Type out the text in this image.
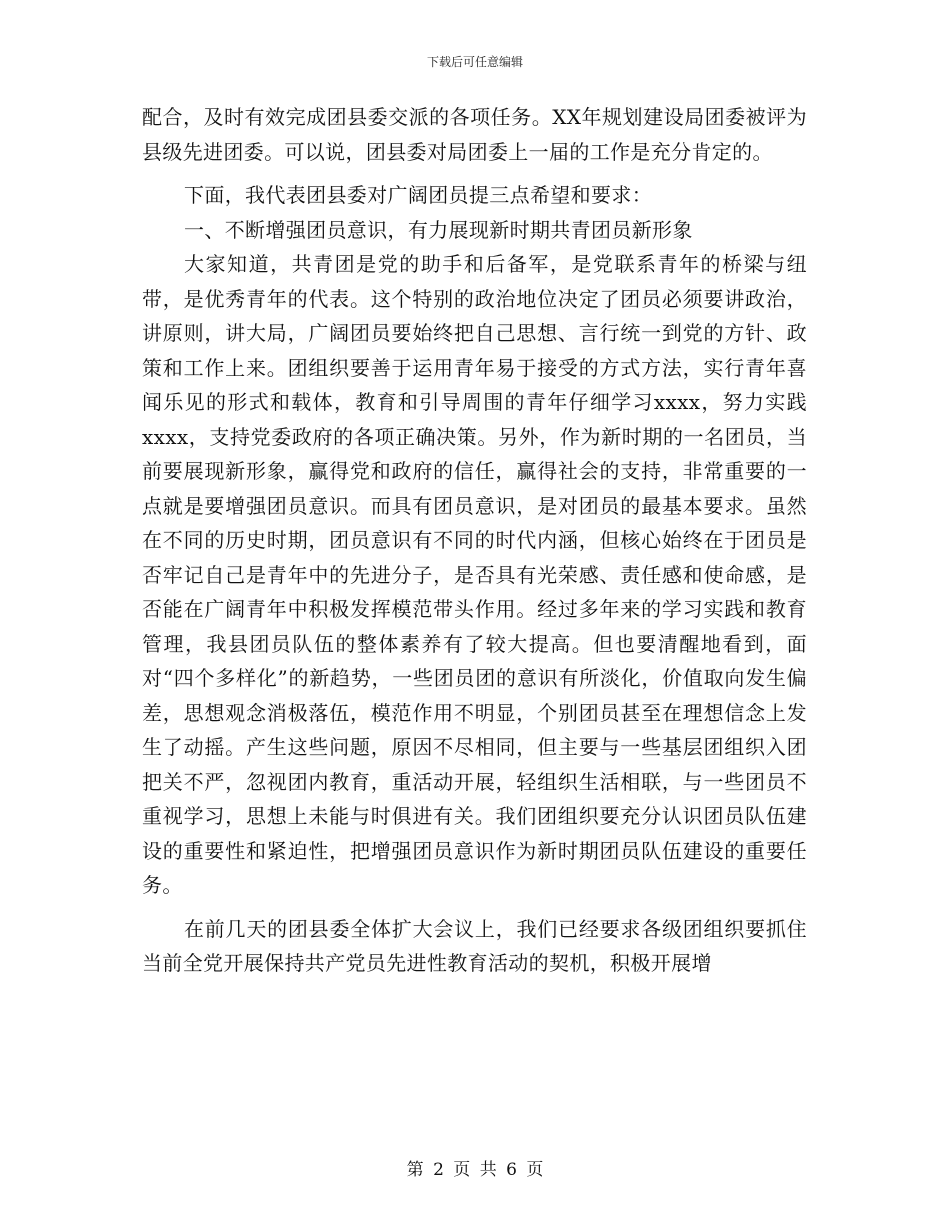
下载后可任意编辑

配合，及时有效完成团县委交派的各项任务。XX年规划建设局团委被评为县级先进团委。可以说，团县委对局团委上一届的工作是充分肯定的。

下面，我代表团县委对广阔团员提三点希望和要求：

一、不断增强团员意识，有力展现新时期共青团员新形象

大家知道，共青团是党的助手和后备军，是党联系青年的桥梁与纽带，是优秀青年的代表。这个特别的政治地位决定了团员必须要讲政治，讲原则，讲大局，广阔团员要始终把自己思想、言行统一到党的方针、政策和工作上来。团组织要善于运用青年易于接受的方式方法，实行青年喜闻乐见的形式和载体，教育和引导周围的青年仔细学习xxxx，努力实践xxxx，支持党委政府的各项正确决策。另外，作为新时期的一名团员，当前要展现新形象，赢得党和政府的信任，赢得社会的支持，非常重要的一点就是要增强团员意识。而具有团员意识，是对团员的最基本要求。虽然在不同的历史时期，团员意识有不同的时代内涵，但核心始终在于团员是否牢记自己是青年中的先进分子，是否具有光荣感、责任感和使命感，是否能在广阔青年中积极发挥模范带头作用。经过多年来的学习实践和教育管理，我县团员队伍的整体素养有了较大提高。但也要清醒地看到，面对“四个多样化”的新趋势，一些团员团的意识有所淡化，价值取向发生偏差，思想观念消极落伍，模范作用不明显，个别团员甚至在理想信念上发生了动摇。产生这些问题，原因不尽相同，但主要与一些基层团组织入团把关不严，忽视团内教育，重活动开展，轻组织生活相联，与一些团员不重视学习，思想上未能与时俱进有关。我们团组织要充分认识团员队伍建设的重要性和紧迫性，把增强团员意识作为新时期团员队伍建设的重要任务。

在前几天的团县委全体扩大会议上，我们已经要求各级团组织要抓住当前全党开展保持共产党员先进性教育活动的契机，积极开展增

第 2 页 共 6 页
